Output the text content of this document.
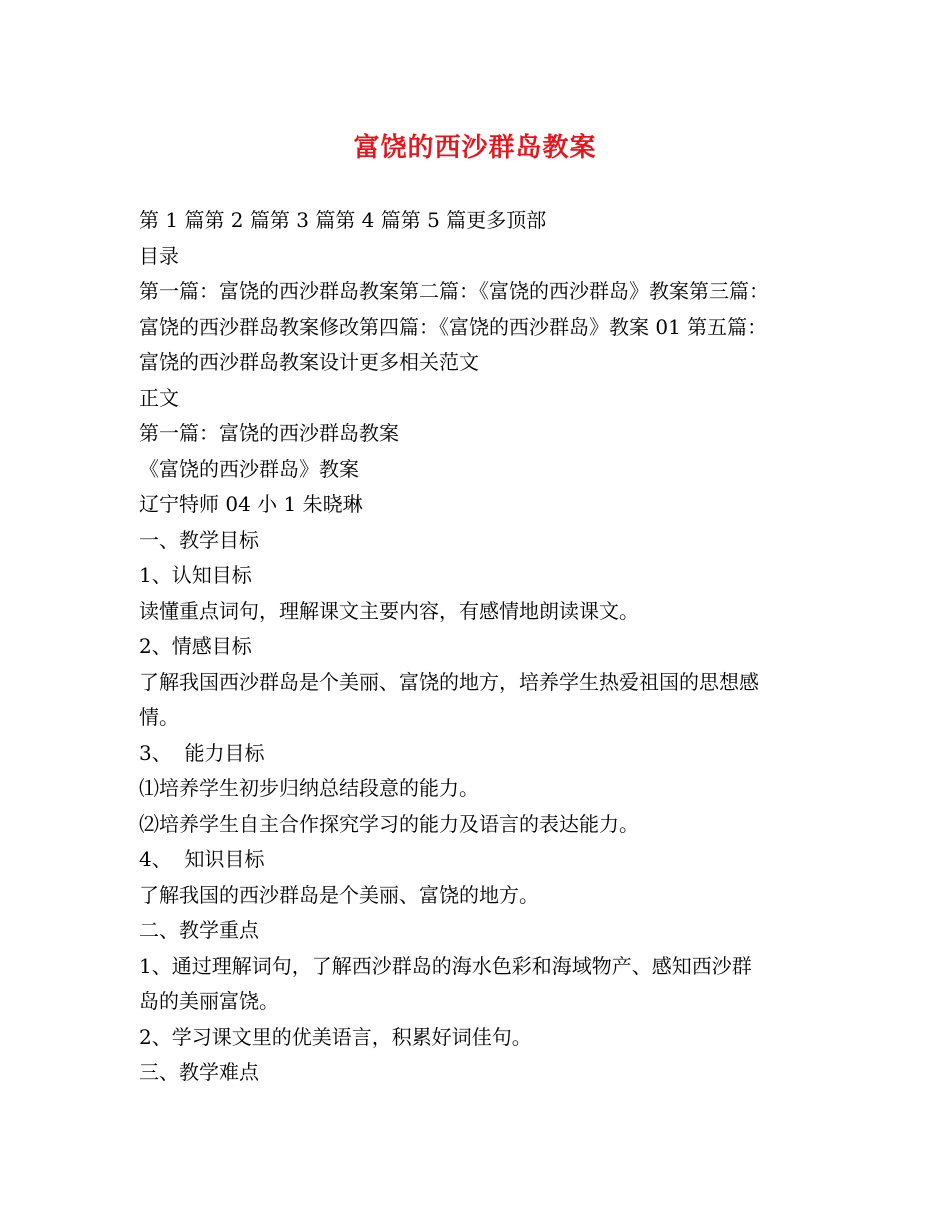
富饶的西沙群岛教案
第 1 篇第 2 篇第 3 篇第 4 篇第 5 篇更多顶部
目录
第一篇：富饶的西沙群岛教案第二篇：《富饶的西沙群岛》教案第三篇：
富饶的西沙群岛教案修改第四篇：《富饶的西沙群岛》教案 01 第五篇：
富饶的西沙群岛教案设计更多相关范文
正文
第一篇：富饶的西沙群岛教案
《富饶的西沙群岛》教案
辽宁特师 04 小 1 朱晓琳
一、教学目标
1、认知目标
读懂重点词句，理解课文主要内容，有感情地朗读课文。
2、情感目标
了解我国西沙群岛是个美丽、富饶的地方，培养学生热爱祖国的思想感
情。
3、  能力目标
⑴培养学生初步归纳总结段意的能力。
⑵培养学生自主合作探究学习的能力及语言的表达能力。
4、  知识目标
了解我国的西沙群岛是个美丽、富饶的地方。
二、教学重点
1、通过理解词句，了解西沙群岛的海水色彩和海域物产、感知西沙群
岛的美丽富饶。
2、学习课文里的优美语言，积累好词佳句。
三、教学难点
